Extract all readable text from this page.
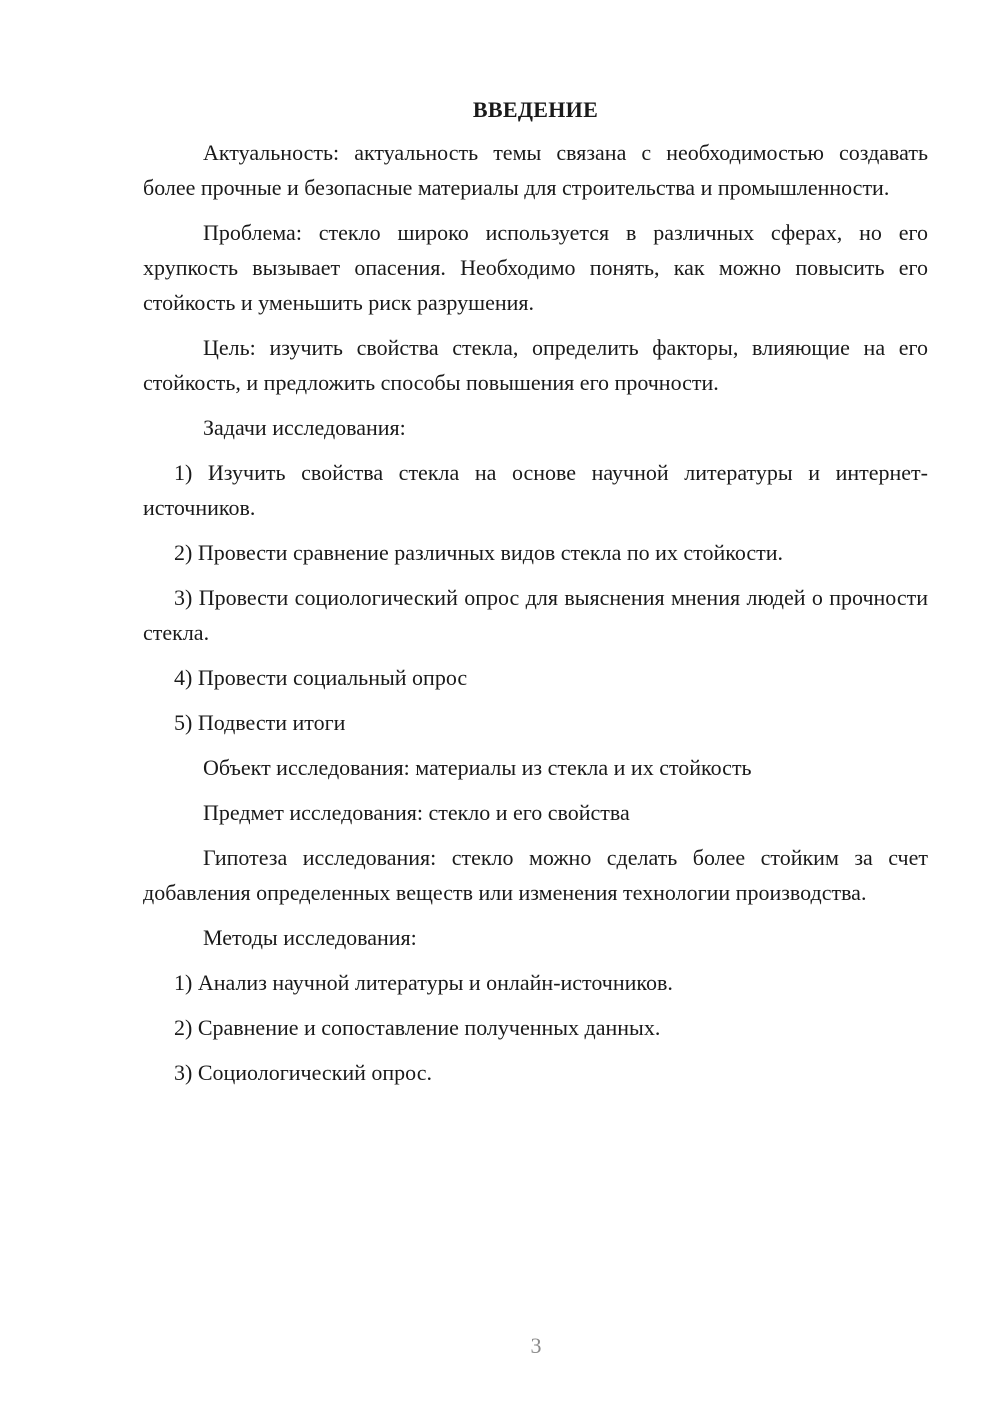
ВВЕДЕНИЕ

Актуальность: актуальность темы связана с необходимостью создавать более прочные и безопасные материалы для строительства и промышленности.

Проблема: стекло широко используется в различных сферах, но его хрупкость вызывает опасения. Необходимо понять, как можно повысить его стойкость и уменьшить риск разрушения.

Цель: изучить свойства стекла, определить факторы, влияющие на его стойкость, и предложить способы повышения его прочности.

Задачи исследования:

1) Изучить свойства стекла на основе научной литературы и интернет-источников.

2) Провести сравнение различных видов стекла по их стойкости.

3) Провести социологический опрос для выяснения мнения людей о прочности стекла.

4) Провести социальный опрос

5) Подвести итоги

Объект исследования: материалы из стекла и их стойкость

Предмет исследования: стекло и его свойства

Гипотеза исследования: стекло можно сделать более стойким за счет добавления определенных веществ или изменения технологии производства.

Методы исследования:

1) Анализ научной литературы и онлайн-источников.

2) Сравнение и сопоставление полученных данных.

3) Социологический опрос.

3
